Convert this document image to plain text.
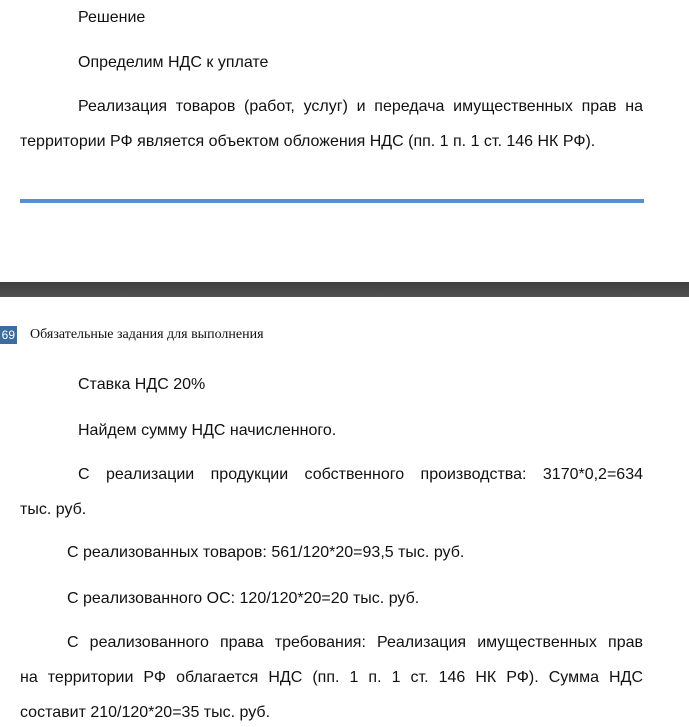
Решение
Определим НДС к уплате
Реализация товаров (работ, услуг) и передача имущественных прав на
территории РФ является объектом обложения НДС (пп. 1 п. 1 ст. 146 НК РФ).
69 Обязательные задания для выполнения
Ставка НДС 20%
Найдем сумму НДС начисленного.
С реализации продукции собственного производства: 3170*0,2=634
тыс. руб.
С реализованных товаров: 561/120*20=93,5 тыс. руб.
С реализованного ОС: 120/120*20=20 тыс. руб.
С реализованного права требования: Реализация имущественных прав
на территории РФ облагается НДС (пп. 1 п. 1 ст. 146 НК РФ). Сумма НДС
составит 210/120*20=35 тыс. руб.
